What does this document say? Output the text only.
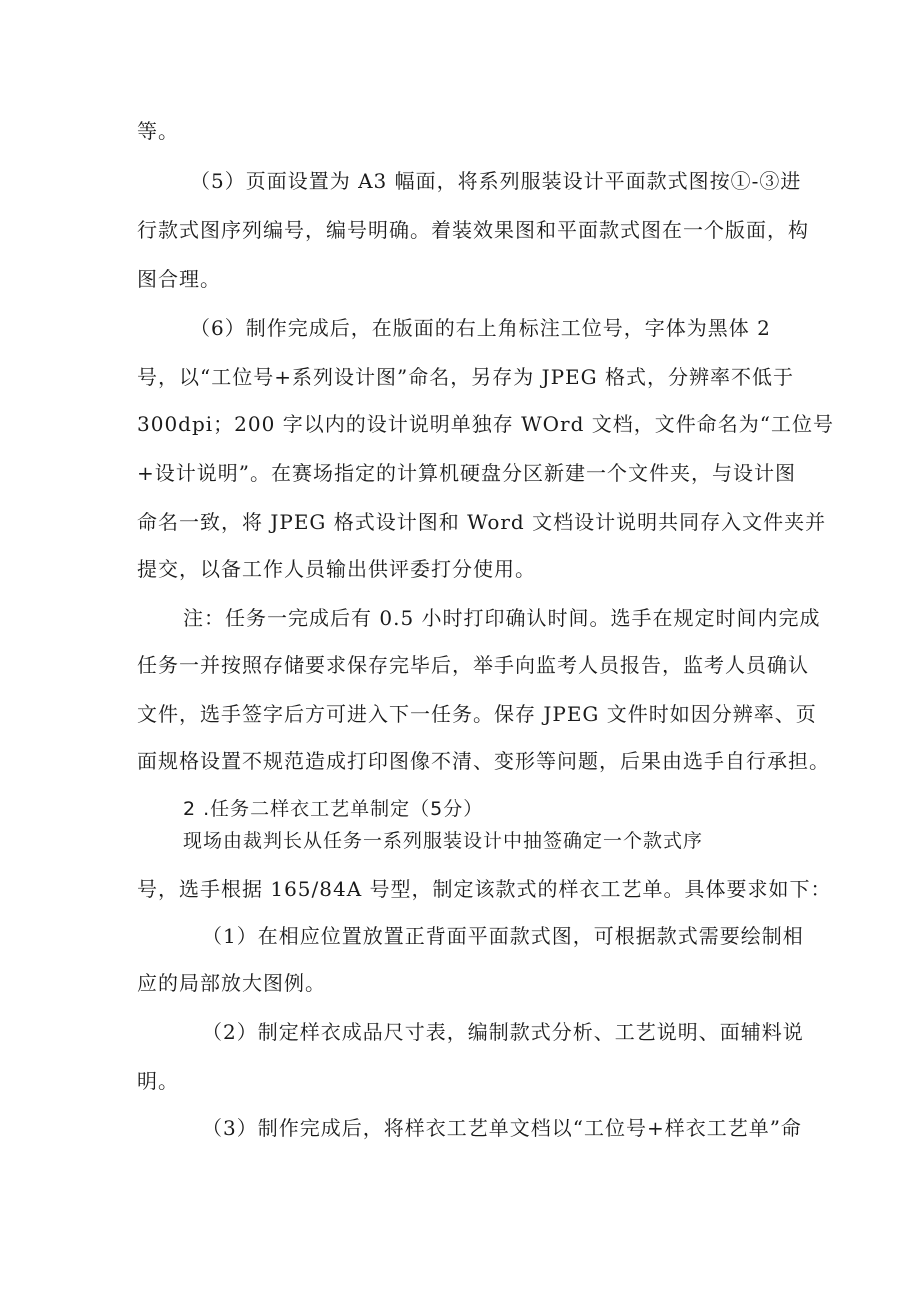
等。
（5）页面设置为 A3 幅面，将系列服装设计平面款式图按①-③进
行款式图序列编号，编号明确。着装效果图和平面款式图在一个版面，构
图合理。
（6）制作完成后，在版面的右上角标注工位号，字体为黑体 2
号，以“工位号+系列设计图”命名，另存为 JPEG 格式，分辨率不低于
300dpi；200 字以内的设计说明单独存 WOrd 文档，文件命名为“工位号
+设计说明”。在赛场指定的计算机硬盘分区新建一个文件夹，与设计图
命名一致，将 JPEG 格式设计图和 Word 文档设计说明共同存入文件夹并
提交，以备工作人员输出供评委打分使用。
注：任务一完成后有 0.5 小时打印确认时间。选手在规定时间内完成
任务一并按照存储要求保存完毕后，举手向监考人员报告，监考人员确认
文件，选手签字后方可进入下一任务。保存 JPEG 文件时如因分辨率、页
面规格设置不规范造成打印图像不清、变形等问题，后果由选手自行承担。
2 .任务二样衣工艺单制定（5分）
现场由裁判长从任务一系列服装设计中抽签确定一个款式序
号，选手根据 165/84A 号型，制定该款式的样衣工艺单。具体要求如下：
（1）在相应位置放置正背面平面款式图，可根据款式需要绘制相
应的局部放大图例。
（2）制定样衣成品尺寸表，编制款式分析、工艺说明、面辅料说
明。
（3）制作完成后，将样衣工艺单文档以“工位号+样衣工艺单”命
